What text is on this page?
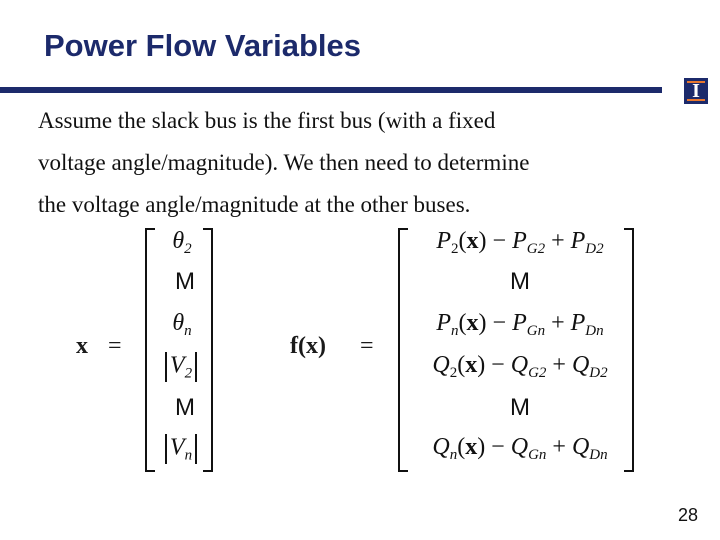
Power Flow Variables
I

Assume the slack bus is the first bus (with a fixed

voltage angle/magnitude). We then need to determine

the voltage angle/magnitude at the other buses.

x =
$\theta_2$
M
$\theta_n$
$V_2$
M
$V_n$
f(x) =
$P_2(x) - P_{G2} + P_{D2}$
M
$P_n(x) - P_{Gn} + P_{Dn}$
$Q_2(x) - Q_{G2} + Q_{D2}$
M
$Q_n(x) - Q_{Gn} + Q_{Dn}$
28
